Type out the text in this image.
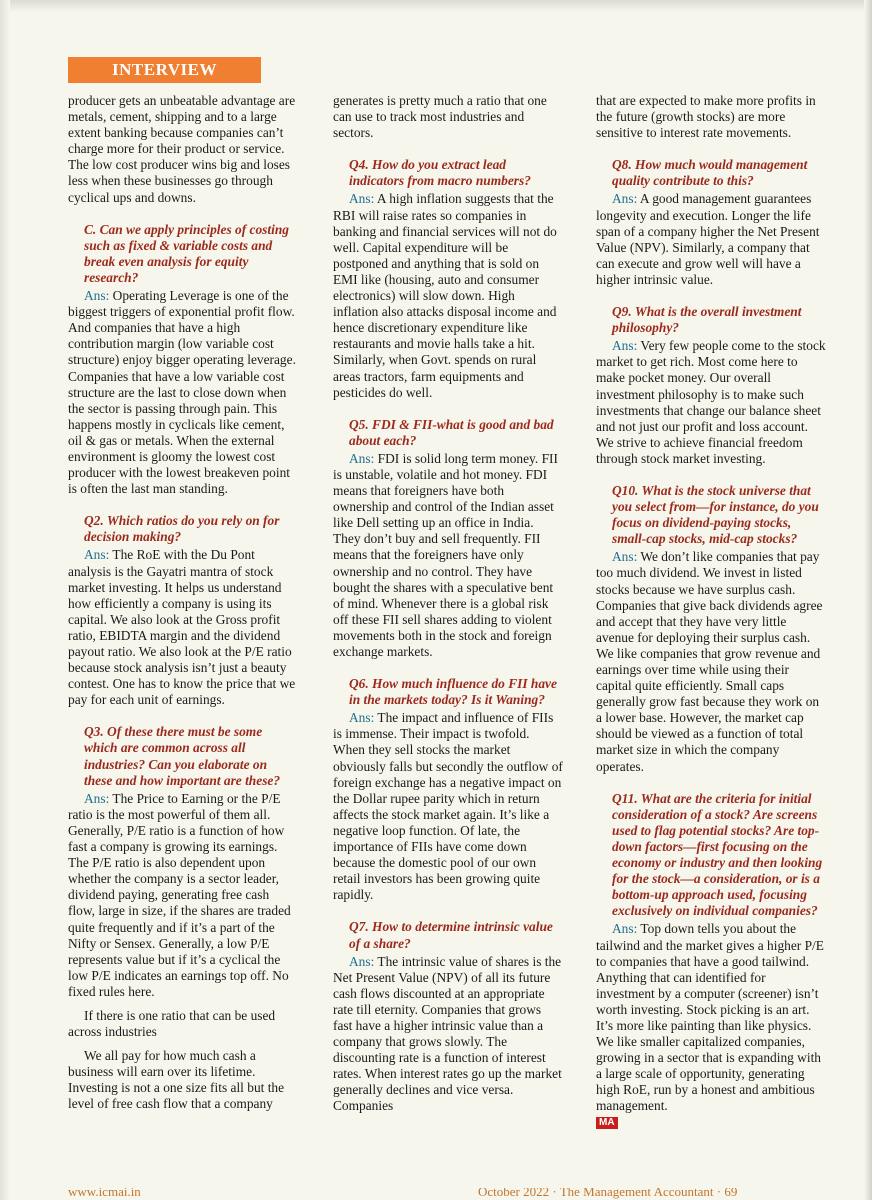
INTERVIEW

producer gets an unbeatable advantage are metals, cement, shipping and to a large extent banking because companies can’t charge more for their product or service. The low cost producer wins big and loses less when these businesses go through cyclical ups and downs.

C. Can we apply principles of costing such as fixed & variable costs and break even analysis for equity research?

Ans: Operating Leverage is one of the biggest triggers of exponential profit flow. And companies that have a high contribution margin (low variable cost structure) enjoy bigger operating leverage. Companies that have a low variable cost structure are the last to close down when the sector is passing through pain. This happens mostly in cyclicals like cement, oil & gas or metals. When the external environment is gloomy the lowest cost producer with the lowest breakeven point is often the last man standing.

Q2. Which ratios do you rely on for decision making?

Ans: The RoE with the Du Pont analysis is the Gayatri mantra of stock market investing. It helps us understand how efficiently a company is using its capital. We also look at the Gross profit ratio, EBIDTA margin and the dividend payout ratio. We also look at the P/E ratio because stock analysis isn’t just a beauty contest. One has to know the price that we pay for each unit of earnings.

Q3. Of these there must be some which are common across all industries? Can you elaborate on these and how important are these?

Ans: The Price to Earning or the P/E ratio is the most powerful of them all. Generally, P/E ratio is a function of how fast a company is growing its earnings. The P/E ratio is also dependent upon whether the company is a sector leader, dividend paying, generating free cash flow, large in size, if the shares are traded quite frequently and if it’s a part of the Nifty or Sensex. Generally, a low P/E represents value but if it’s a cyclical the low P/E indicates an earnings top off. No fixed rules here.

If there is one ratio that can be used across industries

We all pay for how much cash a business will earn over its lifetime. Investing is not a one size fits all but the level of free cash flow that a company

generates is pretty much a ratio that one can use to track most industries and sectors.

Q4. How do you extract lead indicators from macro numbers?

Ans: A high inflation suggests that the RBI will raise rates so companies in banking and financial services will not do well. Capital expenditure will be postponed and anything that is sold on EMI like (housing, auto and consumer electronics) will slow down. High inflation also attacks disposal income and hence discretionary expenditure like restaurants and movie halls take a hit. Similarly, when Govt. spends on rural areas tractors, farm equipments and pesticides do well.

Q5. FDI & FII-what is good and bad about each?

Ans: FDI is solid long term money. FII is unstable, volatile and hot money. FDI means that foreigners have both ownership and control of the Indian asset like Dell setting up an office in India. They don’t buy and sell frequently. FII means that the foreigners have only ownership and no control. They have bought the shares with a speculative bent of mind. Whenever there is a global risk off these FII sell shares adding to violent movements both in the stock and foreign exchange markets.

Q6. How much influence do FII have in the markets today? Is it Waning?

Ans: The impact and influence of FIIs is immense. Their impact is twofold. When they sell stocks the market obviously falls but secondly the outflow of foreign exchange has a negative impact on the Dollar rupee parity which in return affects the stock market again. It’s like a negative loop function. Of late, the importance of FIIs have come down because the domestic pool of our own retail investors has been growing quite rapidly.

Q7. How to determine intrinsic value of a share?

Ans: The intrinsic value of shares is the Net Present Value (NPV) of all its future cash flows discounted at an appropriate rate till eternity. Companies that grows fast have a higher intrinsic value than a company that grows slowly. The discounting rate is a function of interest rates. When interest rates go up the market generally declines and vice versa. Companies

that are expected to make more profits in the future (growth stocks) are more sensitive to interest rate movements.

Q8. How much would management quality contribute to this?

Ans: A good management guarantees longevity and execution. Longer the life span of a company higher the Net Present Value (NPV). Similarly, a company that can execute and grow well will have a higher intrinsic value.

Q9. What is the overall investment philosophy?

Ans: Very few people come to the stock market to get rich. Most come here to make pocket money. Our overall investment philosophy is to make such investments that change our balance sheet and not just our profit and loss account. We strive to achieve financial freedom through stock market investing.

Q10. What is the stock universe that you select from—for instance, do you focus on dividend-paying stocks, small-cap stocks, mid-cap stocks?

Ans: We don’t like companies that pay too much dividend. We invest in listed stocks because we have surplus cash. Companies that give back dividends agree and accept that they have very little avenue for deploying their surplus cash. We like companies that grow revenue and earnings over time while using their capital quite efficiently. Small caps generally grow fast because they work on a lower base. However, the market cap should be viewed as a function of total market size in which the company operates.

Q11. What are the criteria for initial consideration of a stock? Are screens used to flag potential stocks? Are top-down factors—first focusing on the economy or industry and then looking for the stock—a consideration, or is a bottom-up approach used, focusing exclusively on individual companies?

Ans: Top down tells you about the tailwind and the market gives a higher P/E to companies that have a good tailwind. Anything that can identified for investment by a computer (screener) isn’t worth investing. Stock picking is an art. It’s more like painting than like physics. We like smaller capitalized companies, growing in a sector that is expanding with a large scale of opportunity, generating high RoE, run by a honest and ambitious management.

MA

www.icmai.in	October 2022 · The Management Accountant · 69
